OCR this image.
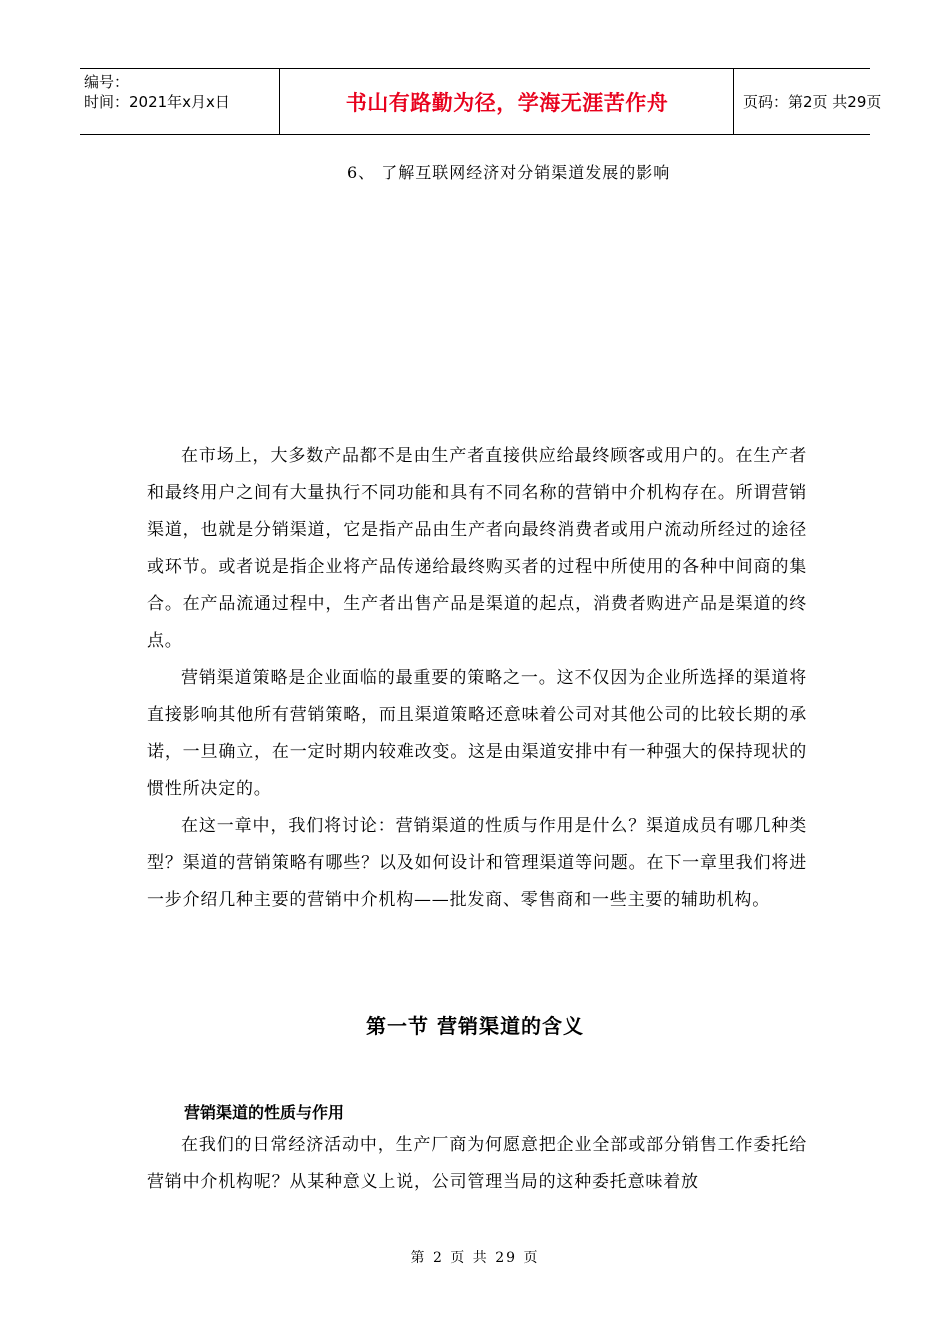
编号：
时间：2021年x月x日	书山有路勤为径，学海无涯苦作舟	页码：第2页 共29页
6、 了解互联网经济对分销渠道发展的影响

在市场上，大多数产品都不是由生产者直接供应给最终顾客或用户的。在生产者和最终用户之间有大量执行不同功能和具有不同名称的营销中介机构存在。所谓营销渠道，也就是分销渠道，它是指产品由生产者向最终消费者或用户流动所经过的途径或环节。或者说是指企业将产品传递给最终购买者的过程中所使用的各种中间商的集合。在产品流通过程中，生产者出售产品是渠道的起点，消费者购进产品是渠道的终点。

营销渠道策略是企业面临的最重要的策略之一。这不仅因为企业所选择的渠道将直接影响其他所有营销策略，而且渠道策略还意味着公司对其他公司的比较长期的承诺，一旦确立，在一定时期内较难改变。这是由渠道安排中有一种强大的保持现状的惯性所决定的。

在这一章中，我们将讨论：营销渠道的性质与作用是什么？渠道成员有哪几种类型？渠道的营销策略有哪些？以及如何设计和管理渠道等问题。在下一章里我们将进一步介绍几种主要的营销中介机构——批发商、零售商和一些主要的辅助机构。

第一节 营销渠道的含义
营销渠道的性质与作用

在我们的日常经济活动中，生产厂商为何愿意把企业全部或部分销售工作委托给营销中介机构呢？从某种意义上说，公司管理当局的这种委托意味着放

第 2 页 共 29 页
